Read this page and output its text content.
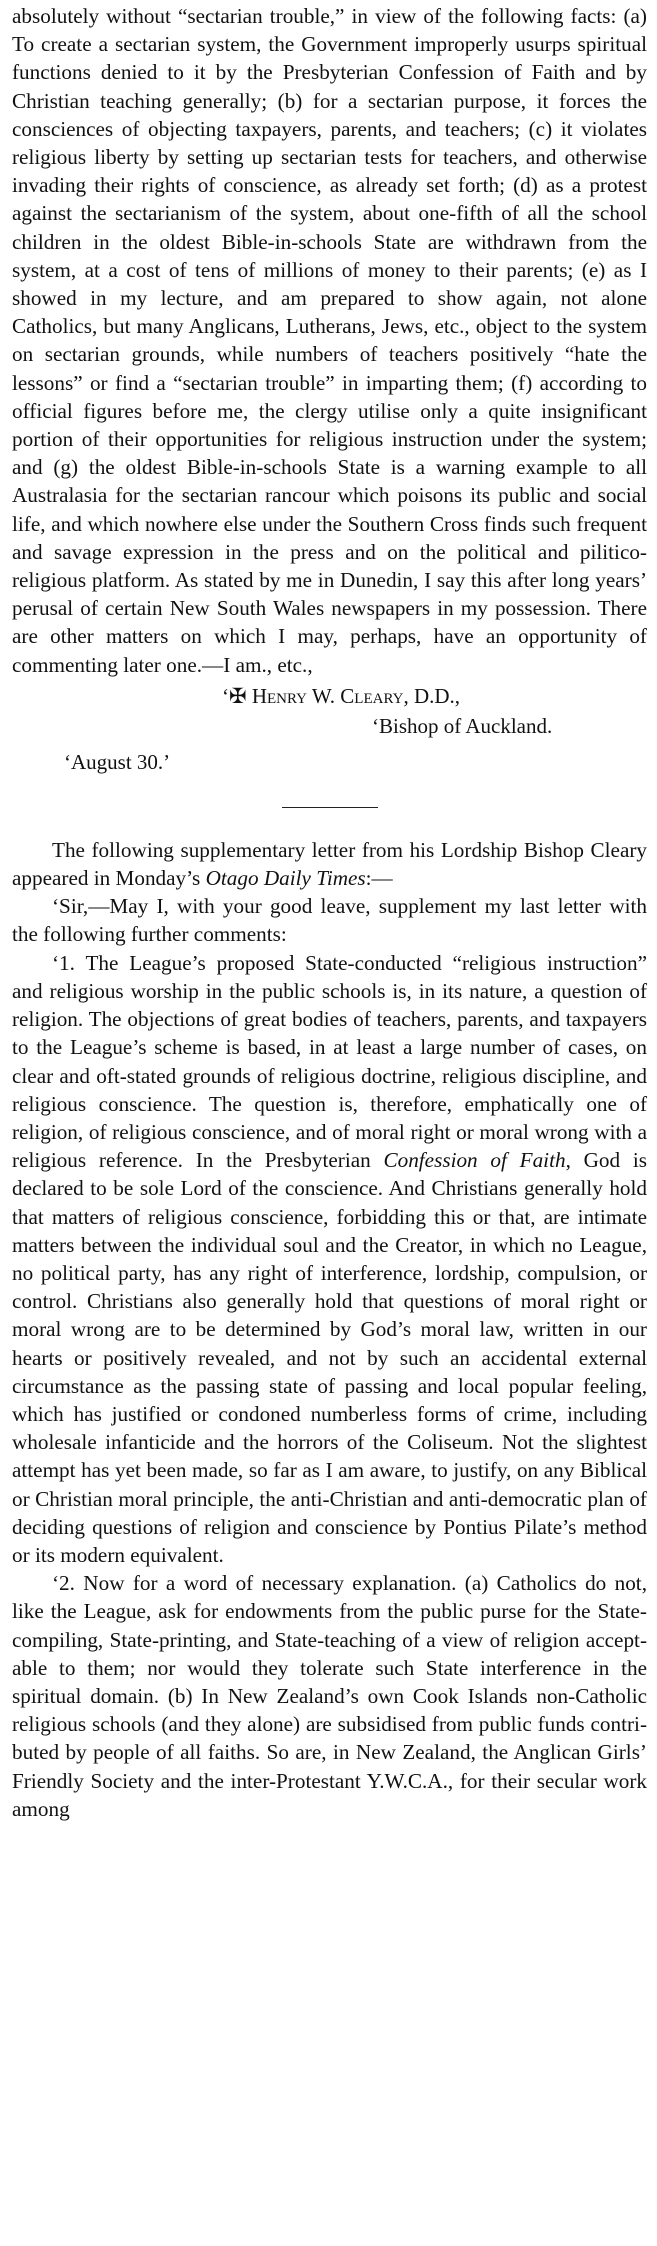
absolutely without “sectarian trouble,” in view of the following facts: (a) To create a sectarian system, the Government improperly usurps spiritual functions denied to it by the Presbyterian Confession of Faith and by Christian teaching generally; (b) for a sectarian purpose, it forces the consciences of objecting taxpayers, parents, and teachers; (c) it violates religious liberty by setting up sectarian tests for teachers, and otherwise invading their rights of conscience, as already set forth; (d) as a protest against the sectarianism of the system, about one-fifth of all the school children in the oldest Bible-in-schools State are withdrawn from the system, at a cost of tens of millions of money to their parents; (e) as I showed in my lecture, and am prepared to show again, not alone Catholics, but many Anglicans, Lutherans, Jews, etc., object to the system on sectarian grounds, while numbers of teachers positively “hate the lessons” or find a “sectarian trouble” in imparting them; (f) according to official figures before me, the clergy utilise only a quite insignificant portion of their opportunities for religious instruction under the system; and (g) the oldest Bible-in-schools State is a warning example to all Australasia for the sectarian rancour which poisons its public and social life, and which nowhere else under the Southern Cross finds such frequent and savage expression in the press and on the political and pilitico-religious platform. As stated by me in Dunedin, I say this after long years’ perusal of certain New South Wales newspapers in my possession. There are other matters on which I may, perhaps, have an opportunity of commenting later one.—I am., etc.,

‘✠ Henry W. Cleary, D.D.,

‘Bishop of Auckland.

‘August 30.’

The following supplementary letter from his Lordship Bishop Cleary appeared in Monday’s Otago Daily Times:—

‘Sir,—May I, with your good leave, supplement my last letter with the following further comments:

‘1. The League’s proposed State-conducted “religious instruction” and religious worship in the public schools is, in its nature, a question of religion. The objections of great bodies of teachers, parents, and taxpayers to the League’s scheme is based, in at least a large number of cases, on clear and oft-stated grounds of religious doctrine, religious discipline, and religious conscience. The question is, therefore, emphatically one of religion, of religious conscience, and of moral right or moral wrong with a religious reference. In the Presbyterian Confession of Faith, God is declared to be sole Lord of the conscience. And Christians generally hold that matters of religious conscience, forbidding this or that, are intimate matters between the individual soul and the Creator, in which no League, no political party, has any right of interference, lordship, compulsion, or control. Christians also generally hold that questions of moral right or moral wrong are to be determined by God’s moral law, written in our hearts or positively revealed, and not by such an accidental external circumstance as the passing state of passing and local popular feeling, which has justified or condoned numberless forms of crime, including wholesale infanticide and the horrors of the Coliseum. Not the slightest attempt has yet been made, so far as I am aware, to justify, on any Biblical or Christian moral principle, the anti-Christian and anti-democratic plan of deciding questions of religion and conscience by Pontius Pilate’s method or its modern equivalent.

‘2. Now for a word of necessary explanation. (a) Catholics do not, like the League, ask for endowments from the public purse for the State-compiling, State-printing, and State-teaching of a view of religion acceptable to them; nor would they tolerate such State interference in the spiritual domain. (b) In New Zealand’s own Cook Islands non-Catholic religious schools (and they alone) are subsidised from public funds contributed by people of all faiths. So are, in New Zealand, the Anglican Girls’ Friendly Society and the inter-Protestant Y.W.C.A., for their secular work among
